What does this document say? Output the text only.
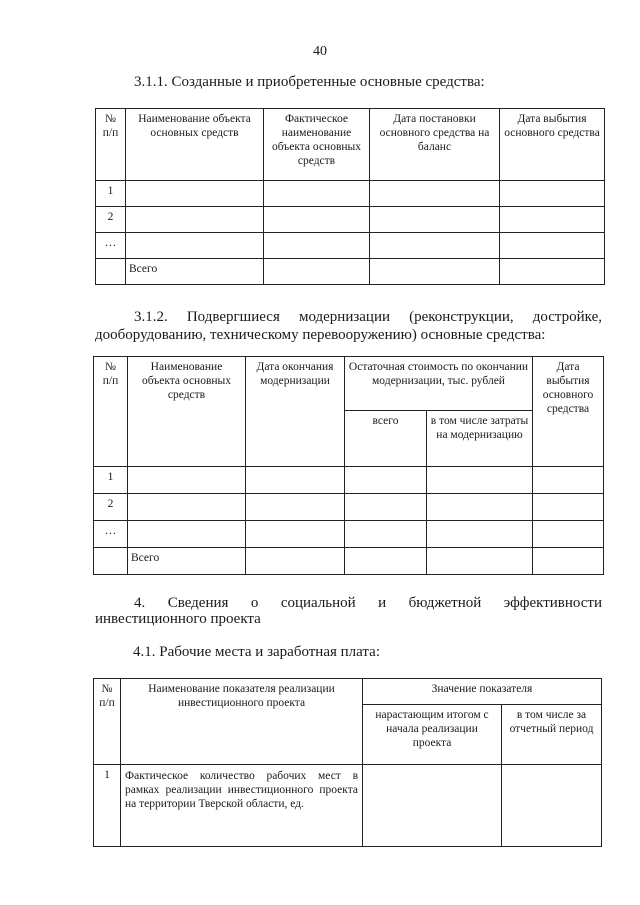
40
3.1.1. Созданные и приобретенные основные средства:
№
п/п	Наименование объекта основных средств	Фактическое наименование объекта основных средств	Дата постановки основного средства на баланс	Дата выбытия основного средства
1				
2				
…				
	Всего			
3.1.2. Подвергшиеся модернизации (реконструкции, достройке,
дооборудованию, техническому перевооружению) основные средства:
№
п/п	Наименование объекта основных средств	Дата окончания модернизации	Остаточная стоимость по окончании модернизации, тыс. рублей		Дата выбытия основного средства
			всего	в том числе затраты на модернизацию	
1					
2					
…					
	Всего				
4. Сведения о социальной и бюджетной эффективности
инвестиционного проекта
4.1. Рабочие места и заработная плата:
№
п/п	Наименование показателя реализации инвестиционного проекта	Значение показателя	
		нарастающим итогом с начала реализации проекта	в том числе за отчетный период
1	Фактическое количество рабочих мест в рамках реализации инвестиционного проекта на территории Тверской области, ед.		
